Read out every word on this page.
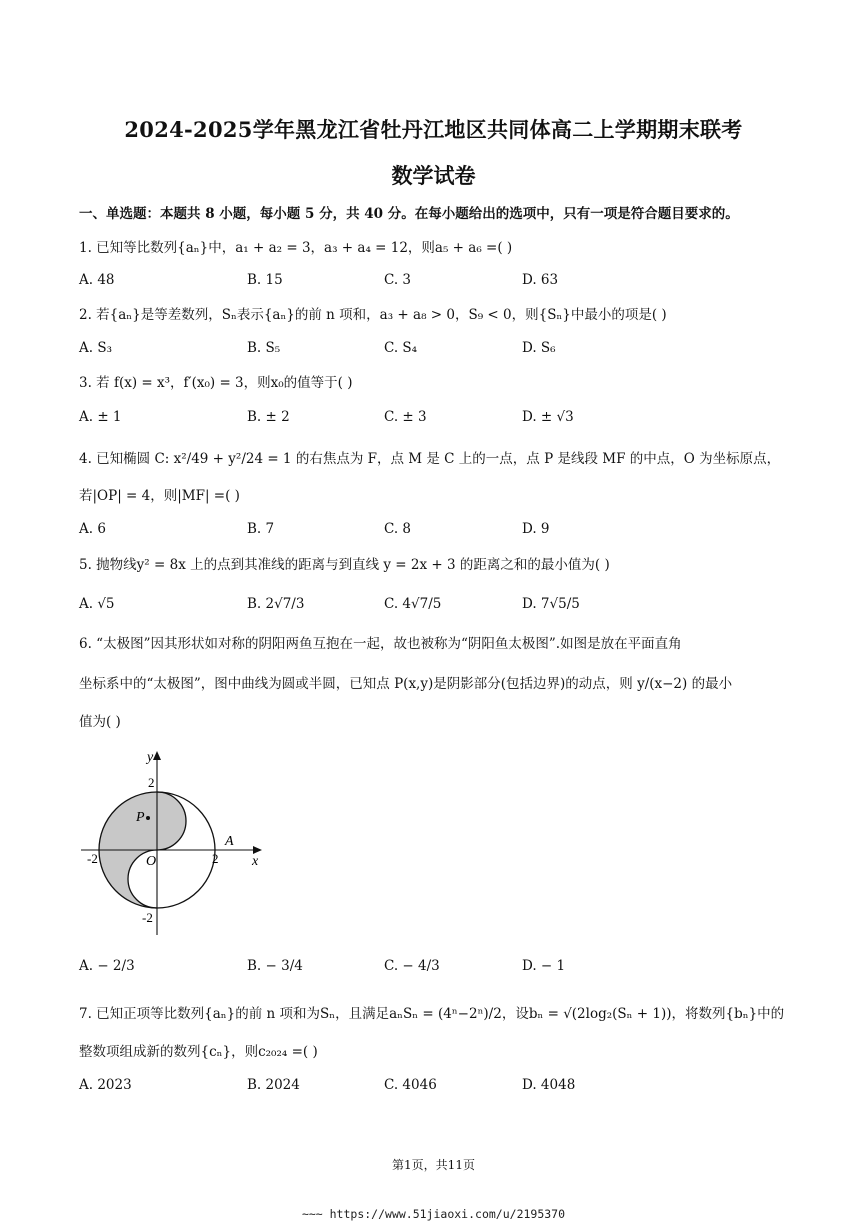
2024-2025学年黑龙江省牡丹江地区共同体高二上学期期末联考
数学试卷
一、单选题：本题共 8 小题，每小题 5 分，共 40 分。在每小题给出的选项中，只有一项是符合题目要求的。
1. 已知等比数列{aₙ}中，a₁ + a₂ = 3，a₃ + a₄ = 12，则a₅ + a₆ =( )
A. 48	B. 15	C. 3	D. 63
2. 若{aₙ}是等差数列，Sₙ表示{aₙ}的前 n 项和，a₃ + a₈ > 0，S₉ < 0，则{Sₙ}中最小的项是( )
A. S₃	B. S₅	C. S₄	D. S₆
3. 若 f(x) = x³，f′(x₀) = 3，则x₀的值等于( )
A. ± 1	B. ± 2	C. ± 3	D. ± √3
4. 已知椭圆 C: x²/49 + y²/24 = 1 的右焦点为 F，点 M 是 C 上的一点，点 P 是线段 MF 的中点，O 为坐标原点，
若|OP| = 4，则|MF| =( )
A. 6	B. 7	C. 8	D. 9
5. 抛物线y² = 8x 上的点到其准线的距离与到直线 y = 2x + 3 的距离之和的最小值为( )
A. √5	B. 2√7/3	C. 4√7/5	D. 7√5/5
6. “太极图”因其形状如对称的阴阳两鱼互抱在一起，故也被称为“阴阳鱼太极图”.如图是放在平面直角
坐标系中的“太极图”，图中曲线为圆或半圆，已知点 P(x,y)是阴影部分(包括边界)的动点，则 y/(x−2) 的最小
值为( )
y
x
2
-2
-2	2
O
A
P
A. − 2/3	B. − 3/4	C. − 4/3	D. − 1
7. 已知正项等比数列{aₙ}的前 n 项和为Sₙ，且满足aₙSₙ = (4ⁿ−2ⁿ)/2，设bₙ = √(2log₂(Sₙ + 1))，将数列{bₙ}中的
整数项组成新的数列{cₙ}，则c₂₀₂₄ =( )
A. 2023	B. 2024	C. 4046	D. 4048
第1页，共11页
~~~ https://www.51jiaoxi.com/u/2195370
